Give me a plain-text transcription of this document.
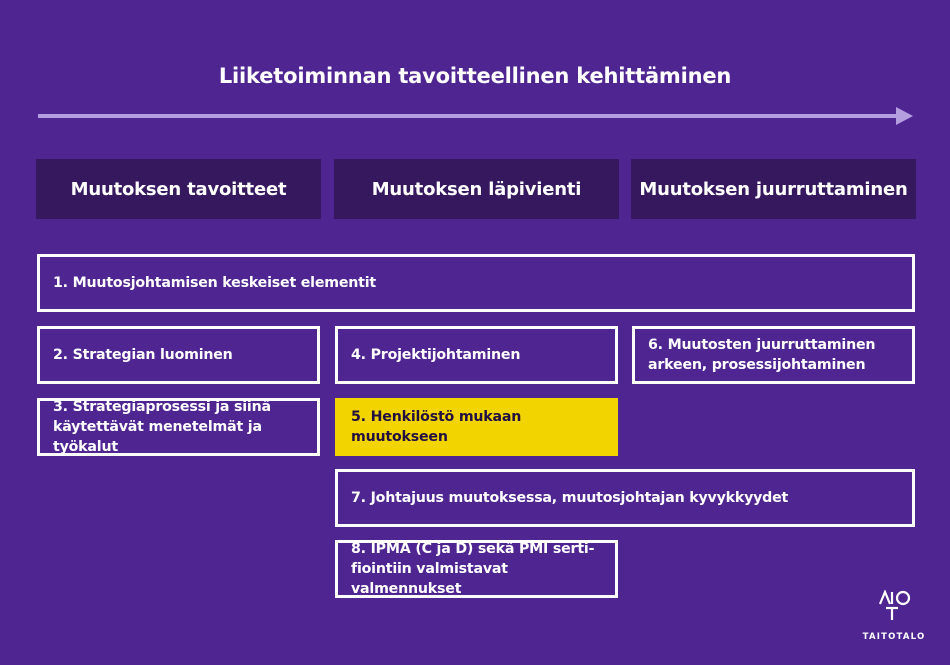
Liiketoiminnan tavoitteellinen kehittäminen
Muutoksen tavoitteet	Muutoksen läpivienti	Muutoksen juurruttaminen
1. Muutosjohtamisen keskeiset elementit
2. Strategian luominen
3. Strategiaprosessi ja siinä käytettävät menetelmät ja työkalut
4. Projektijohtaminen
5. Henkilöstö mukaan muutokseen
6. Muutosten juurruttaminen arkeen, prosessijohtaminen
7. Johtajuus muutoksessa, muutosjohtajan kyvykkyydet
8. IPMA (C ja D) sekä PMI serti-fiointiin valmistavat valmennukset
TAITOTALO
